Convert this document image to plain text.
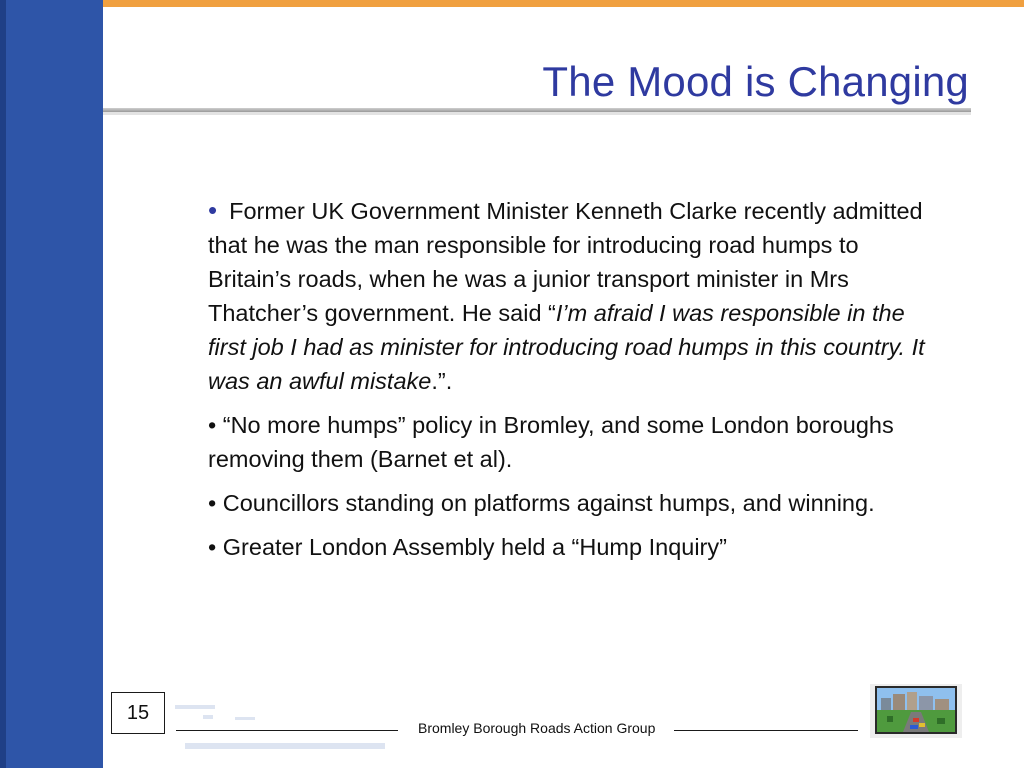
The Mood is Changing

• Former UK Government Minister Kenneth Clarke recently admitted that he was the man responsible for introducing road humps to Britain’s roads, when he was a junior transport minister in Mrs Thatcher’s government. He said “I’m afraid I was responsible in the first job I had as minister for introducing road humps in this country. It was an awful mistake.”.

• “No more humps” policy in Bromley, and some London boroughs removing them (Barnet et al).

• Councillors standing on platforms against humps, and winning.

• Greater London Assembly held a “Hump Inquiry”

15
Bromley Borough Roads Action Group
